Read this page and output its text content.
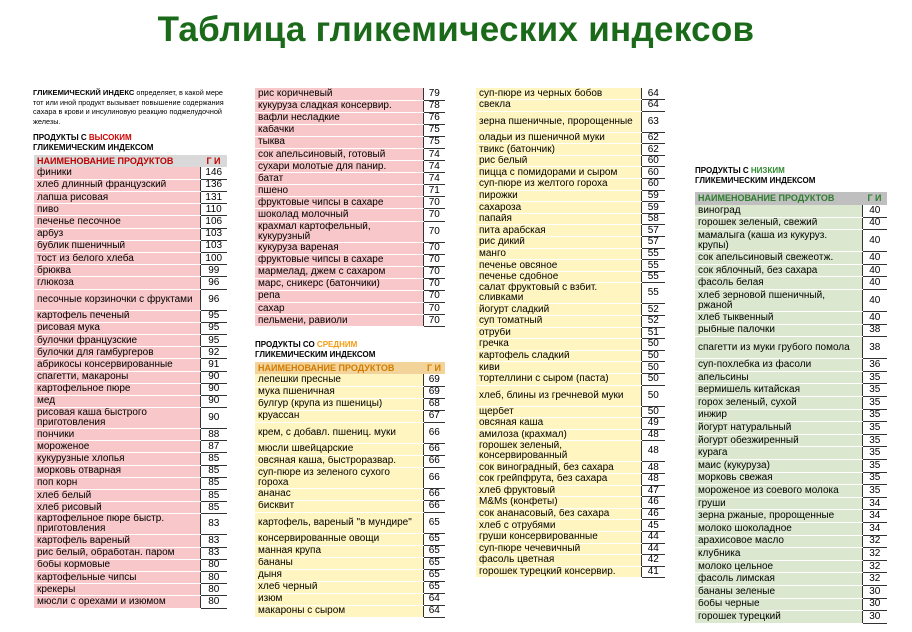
Таблица гликемических индексов
ГЛИКЕМИЧЕСКИЙ ИНДЕКС определяет, в какой мере тот или иной продукт вызывает повышение содержания сахара в крови и инсулиновую реакцию поджелудочной железы.
ПРОДУКТЫ С ВЫСОКИМ
ГЛИКЕМИЧЕСКИМ ИНДЕКСОМ
НАИМЕНОВАНИЕ ПРОДУКТОВ	Г И
финики	146
хлеб длинный французский	136
лапша рисовая	131
пиво	110
печенье песочное	106
арбуз	103
бублик пшеничный	103
тост из белого хлеба	100
брюква	99
глюкоза	96
песочные корзиночки с фруктами	96
картофель печеный	95
рисовая мука	95
булочки французские	95
булочки для гамбургеров	92
абрикосы консервированные	91
спагетти, макароны	90
картофельное пюре	90
мед	90
рисовая каша быстрого приготовления	90
пончики	88
мороженое	87
кукурузные хлопья	85
морковь отварная	85
поп корн	85
хлеб белый	85
хлеб рисовый	85
картофельное пюре быстр. приготовления	83
картофель вареный	83
рис белый, обработан. паром	83
бобы кормовые	80
картофельные чипсы	80
крекеры	80
мюсли с орехами и изюмом	80
рис коричневый	79
кукуруза сладкая консервир.	78
вафли несладкие	76
кабачки	75
тыква	75
сок апельсиновый, готовый	74
сухари молотые для панир.	74
батат	74
пшено	71
фруктовые чипсы в сахаре	70
шоколад молочный	70
крахмал картофельный, кукурузный	70
кукуруза вареная	70
фруктовые чипсы в сахаре	70
мармелад, джем с сахаром	70
марс, сникерс (батончики)	70
репа	70
сахар	70
пельмени, равиоли	70
ПРОДУКТЫ СО СРЕДНИМ
ГЛИКЕМИЧЕСКИМ ИНДЕКСОМ
НАИМЕНОВАНИЕ ПРОДУКТОВ	Г И
лепешки пресные	69
мука пшеничная	69
булгур (крупа из пшеницы)	68
круассан	67
крем, с добавл. пшениц. муки	66
мюсли швейцарские	66
овсяная каша, быстроразвар.	66
суп-пюре из зеленого сухого гороха	66
ананас	66
бисквит	66
картофель, вареный "в мундире"	65
консервированные овощи	65
манная крупа	65
бананы	65
дыня	65
хлеб черный	65
изюм	64
макароны с сыром	64
суп-пюре из черных бобов	64
свекла	64
зерна пшеничные, пророщенные	63
оладьи из пшеничной муки	62
твикс (батончик)	62
рис белый	60
пицца с помидорами и сыром	60
суп-пюре из желтого гороха	60
пирожки	59
сахароза	59
папайя	58
пита арабская	57
рис дикий	57
манго	55
печенье овсяное	55
печенье сдобное	55
салат фруктовый с взбит. сливками	55
йогурт сладкий	52
суп томатный	52
отруби	51
гречка	50
картофель сладкий	50
киви	50
тортеллини с сыром (паста)	50
хлеб, блины из гречневой муки	50
щербет	50
овсяная каша	49
амилоза (крахмал)	48
горошек зеленый, консервированный	48
сок виноградный, без сахара	48
сок грейпфрута, без сахара	48
хлеб фруктовый	47
M&Ms (конфеты)	46
сок ананасовый, без сахара	46
хлеб с отрубями	45
груши консервированные	44
суп-пюре чечевичный	44
фасоль цветная	42
горошек турецкий консервир.	41
ПРОДУКТЫ С НИЗКИМ
ГЛИКЕМИЧЕСКИМ ИНДЕКСОМ
НАИМЕНОВАНИЕ ПРОДУКТОВ	Г И
виноград	40
горошек зеленый, свежий	40
мамалыга (каша из кукуруз. крупы)	40
сок апельсиновый свежеотж.	40
сок яблочный, без сахара	40
фасоль белая	40
хлеб зерновой пшеничный, ржаной	40
хлеб тыквенный	40
рыбные палочки	38
спагетти из муки грубого помола	38
суп-похлебка из фасоли	36
апельсины	35
вермишель китайская	35
горох зеленый, сухой	35
инжир	35
йогурт натуральный	35
йогурт обезжиренный	35
курага	35
маис (кукуруза)	35
морковь свежая	35
мороженое из соевого молока	35
груши	34
зерна ржаные, пророщенные	34
молоко шоколадное	34
арахисовое масло	32
клубника	32
молоко цельное	32
фасоль лимская	32
бананы зеленые	30
бобы черные	30
горошек турецкий	30
